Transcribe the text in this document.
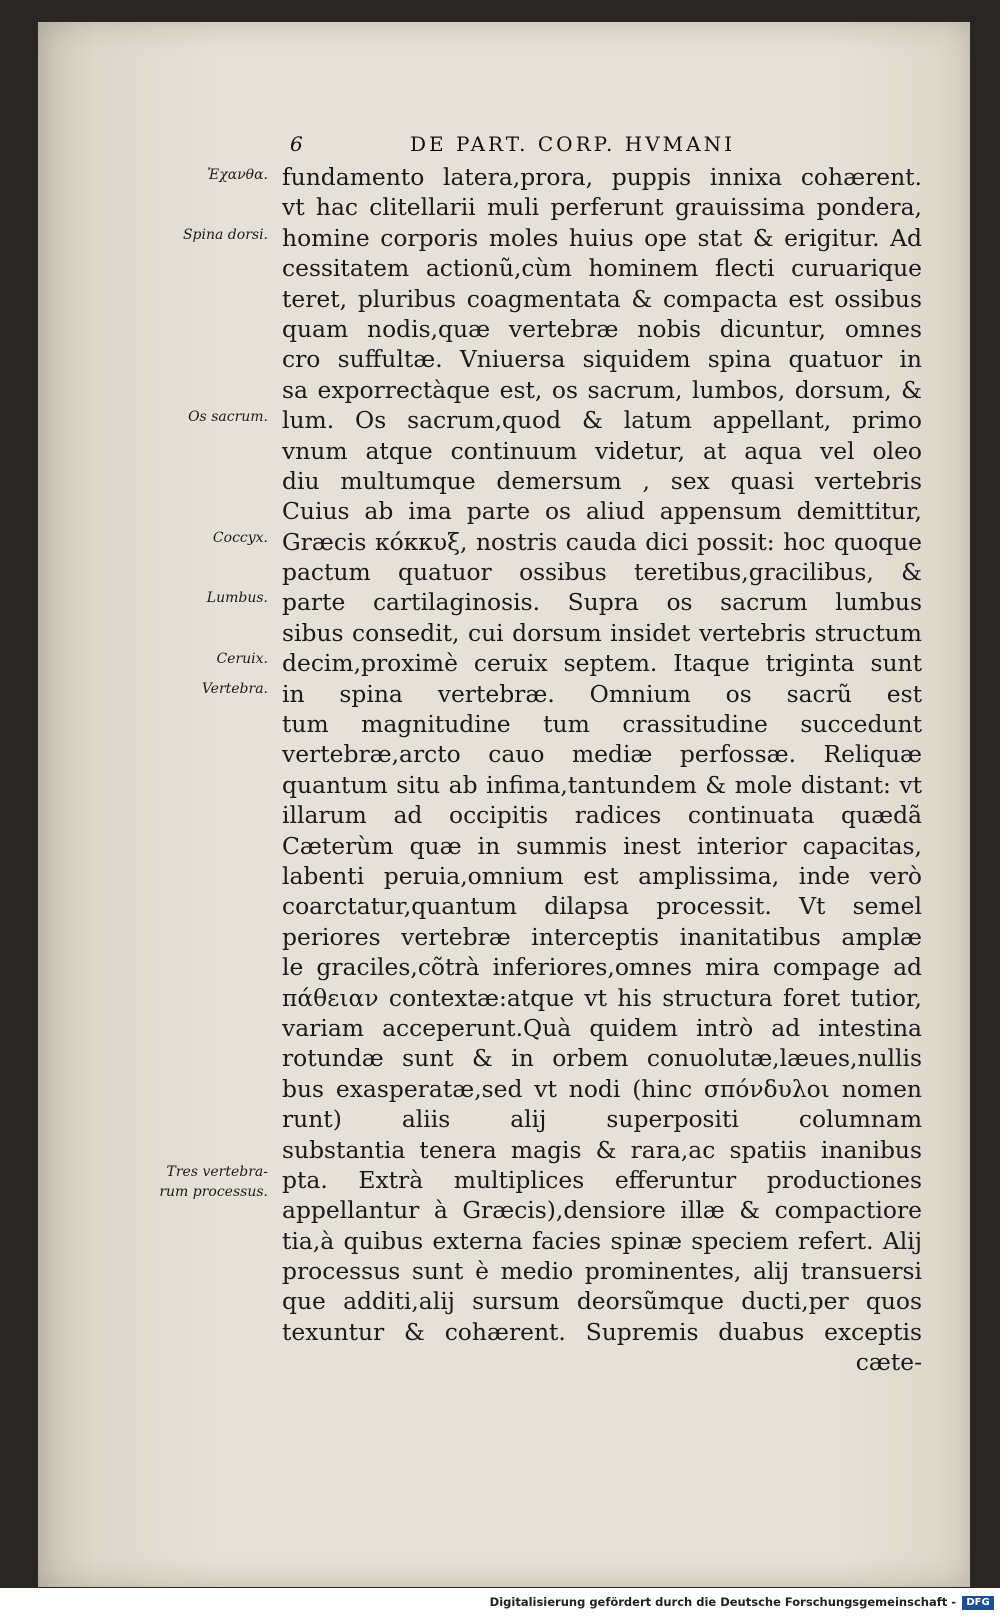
6	DE PART. CORP. HVMANI
Ἐχανθα.
Spina dorsi.
Os sacrum.
Coccyx.
Lumbus.
Ceruix.
Vertebra.
Tres vertebra-
rum processus.
fundamento latera,prora, puppis innixa cohærent.
vt hac clitellarii muli perferunt grauissima pondera,
homine corporis moles huius ope stat & erigitur. Ad
cessitatem actionũ,cùm hominem flecti curuarique
teret, pluribus coagmentata & compacta est ossibus
quam nodis,quæ vertebræ nobis dicuntur, omnes
cro suffultæ. Vniuersa siquidem spina quatuor in
sa exporrectàque est, os sacrum, lumbos, dorsum, &
lum. Os sacrum,quod & latum appellant, primo
vnum atque continuum videtur, at aqua vel oleo
diu multumque demersum , sex quasi vertebris
Cuius ab ima parte os aliud appensum demittitur,
Græcis κόκκυξ, nostris cauda dici possit: hoc quoque
pactum quatuor ossibus teretibus,gracilibus, &
parte cartilaginosis. Supra os sacrum lumbus
sibus consedit, cui dorsum insidet vertebris structum
decim,proximè ceruix septem. Itaque triginta sunt
in spina vertebræ. Omnium os sacrũ est
tum magnitudine tum crassitudine succedunt
vertebræ,arcto cauo mediæ perfossæ. Reliquæ
quantum situ ab infima,tantundem & mole distant: vt
illarum ad occipitis radices continuata quædã
Cæterùm quæ in summis inest interior capacitas,
labenti peruia,omnium est amplissima, inde verò
coarctatur,quantum dilapsa processit. Vt semel
periores vertebræ interceptis inanitatibus amplæ
le graciles,cõtrà inferiores,omnes mira compage ad
πάθειαν contextæ:atque vt his structura foret tutior,
variam acceperunt.Quà quidem intrò ad intestina
rotundæ sunt & in orbem conuolutæ,læues,nullis
bus exasperatæ,sed vt nodi (hinc σπόνδυλοι nomen
runt) aliis alij superpositi columnam
substantia tenera magis & rara,ac spatiis inanibus
pta. Extrà multiplices efferuntur productiones
appellantur à Græcis),densiore illæ & compactiore
tia,à quibus externa facies spinæ speciem refert. Alij
processus sunt è medio prominentes, alij transuersi
que additi,alij sursum deorsũmque ducti,per quos
texuntur & cohærent. Supremis duabus exceptis
cæte-
Digitalisierung gefördert durch die Deutsche Forschungsgemeinschaft -	DFG
